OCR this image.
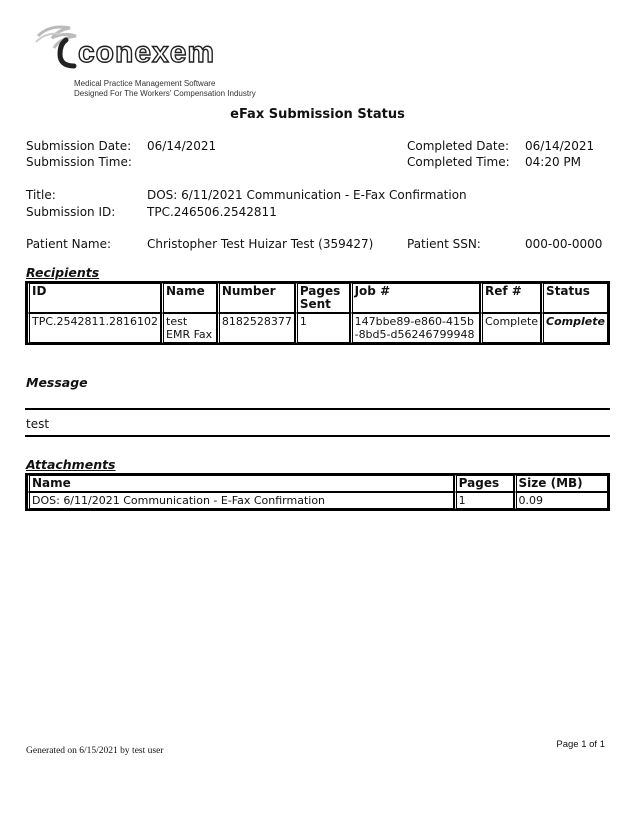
conexem
Medical Practice Management Software
Designed For The Workers' Compensation Industry
eFax Submission Status
Submission Date: 06/14/2021	Completed Date: 06/14/2021
Submission Time:	Completed Time: 04:20 PM
Title:	DOS: 6/11/2021 Communication - E-Fax Confirmation
Submission ID:	TPC.246506.2542811
Patient Name:	Christopher Test Huizar Test (359427)	Patient SSN:	000-00-0000
Recipients
ID	Name	Number	Pages Sent	Job #	Ref #	Status
TPC.2542811.2816102	test EMR Fax	8182528377	1	147bbe89-e860-415b-8bd5-d56246799948	Complete	Complete
Message
test
Attachments
Name	Pages	Size (MB)
DOS: 6/11/2021 Communication - E-Fax Confirmation	1	0.09
Page 1 of 1
Generated on 6/15/2021 by test user
